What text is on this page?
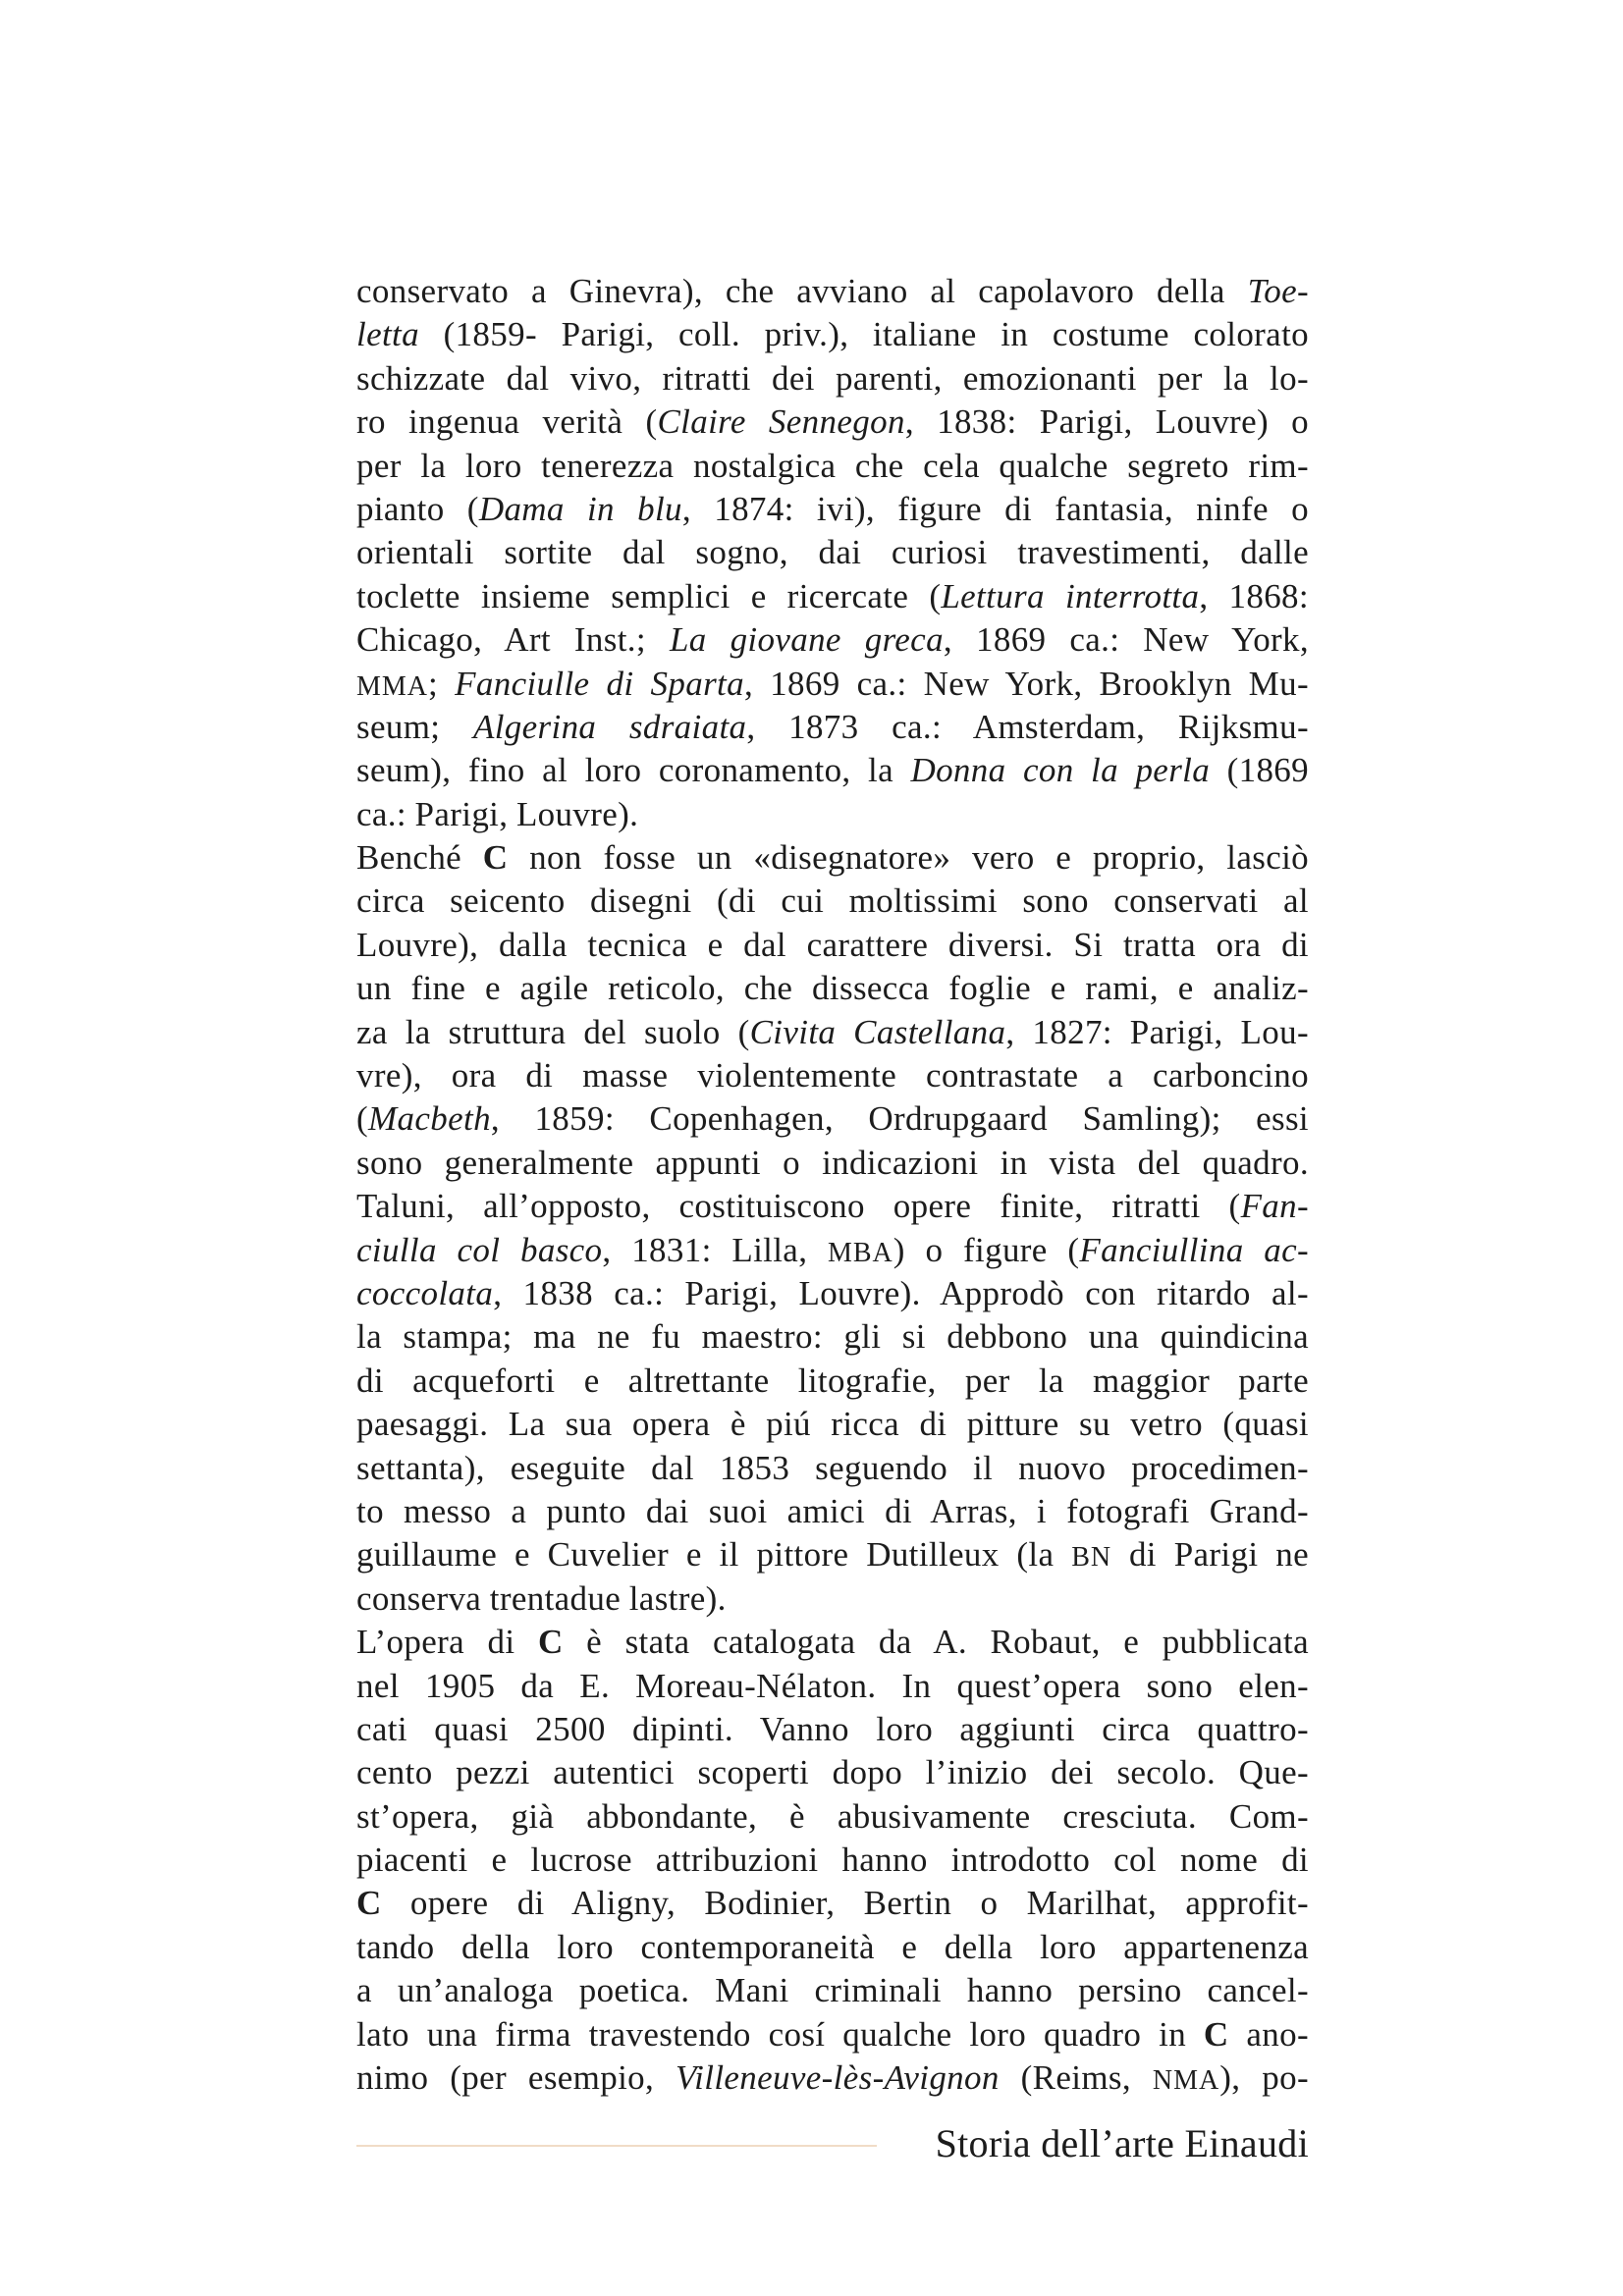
conservato a Ginevra), che avviano al capolavoro della Toe-
letta (1859- Parigi, coll. priv.), italiane in costume colorato
schizzate dal vivo, ritratti dei parenti, emozionanti per la lo-
ro ingenua verità (Claire Sennegon, 1838: Parigi, Louvre) o
per la loro tenerezza nostalgica che cela qualche segreto rim-
pianto (Dama in blu, 1874: ivi), figure di fantasia, ninfe o
orientali sortite dal sogno, dai curiosi travestimenti, dalle
toclette insieme semplici e ricercate (Lettura interrotta, 1868:
Chicago, Art Inst.; La giovane greca, 1869 ca.: New York,
MMA; Fanciulle di Sparta, 1869 ca.: New York, Brooklyn Mu-
seum; Algerina sdraiata, 1873 ca.: Amsterdam, Rijksmu-
seum), fino al loro coronamento, la Donna con la perla (1869
ca.: Parigi, Louvre).
Benché C non fosse un «disegnatore» vero e proprio, lasciò
circa seicento disegni (di cui moltissimi sono conservati al
Louvre), dalla tecnica e dal carattere diversi. Si tratta ora di
un fine e agile reticolo, che dissecca foglie e rami, e analiz-
za la struttura del suolo (Civita Castellana, 1827: Parigi, Lou-
vre), ora di masse violentemente contrastate a carboncino
(Macbeth, 1859: Copenhagen, Ordrupgaard Samling); essi
sono generalmente appunti o indicazioni in vista del quadro.
Taluni, all’opposto, costituiscono opere finite, ritratti (Fan-
ciulla col basco, 1831: Lilla, MBA) o figure (Fanciullina ac-
coccolata, 1838 ca.: Parigi, Louvre). Approdò con ritardo al-
la stampa; ma ne fu maestro: gli si debbono una quindicina
di acqueforti e altrettante litografie, per la maggior parte
paesaggi. La sua opera è piú ricca di pitture su vetro (quasi
settanta), eseguite dal 1853 seguendo il nuovo procedimen-
to messo a punto dai suoi amici di Arras, i fotografi Grand-
guillaume e Cuvelier e il pittore Dutilleux (la BN di Parigi ne
conserva trentadue lastre).
L’opera di C è stata catalogata da A. Robaut, e pubblicata
nel 1905 da E. Moreau-Nélaton. In quest’opera sono elen-
cati quasi 2500 dipinti. Vanno loro aggiunti circa quattro-
cento pezzi autentici scoperti dopo l’inizio dei secolo. Que-
st’opera, già abbondante, è abusivamente cresciuta. Com-
piacenti e lucrose attribuzioni hanno introdotto col nome di
C opere di Aligny, Bodinier, Bertin o Marilhat, approfit-
tando della loro contemporaneità e della loro appartenenza
a un’analoga poetica. Mani criminali hanno persino cancel-
lato una firma travestendo cosí qualche loro quadro in C ano-
nimo (per esempio, Villeneuve-lès-Avignon (Reims, NMA), po-
Storia dell’arte Einaudi
